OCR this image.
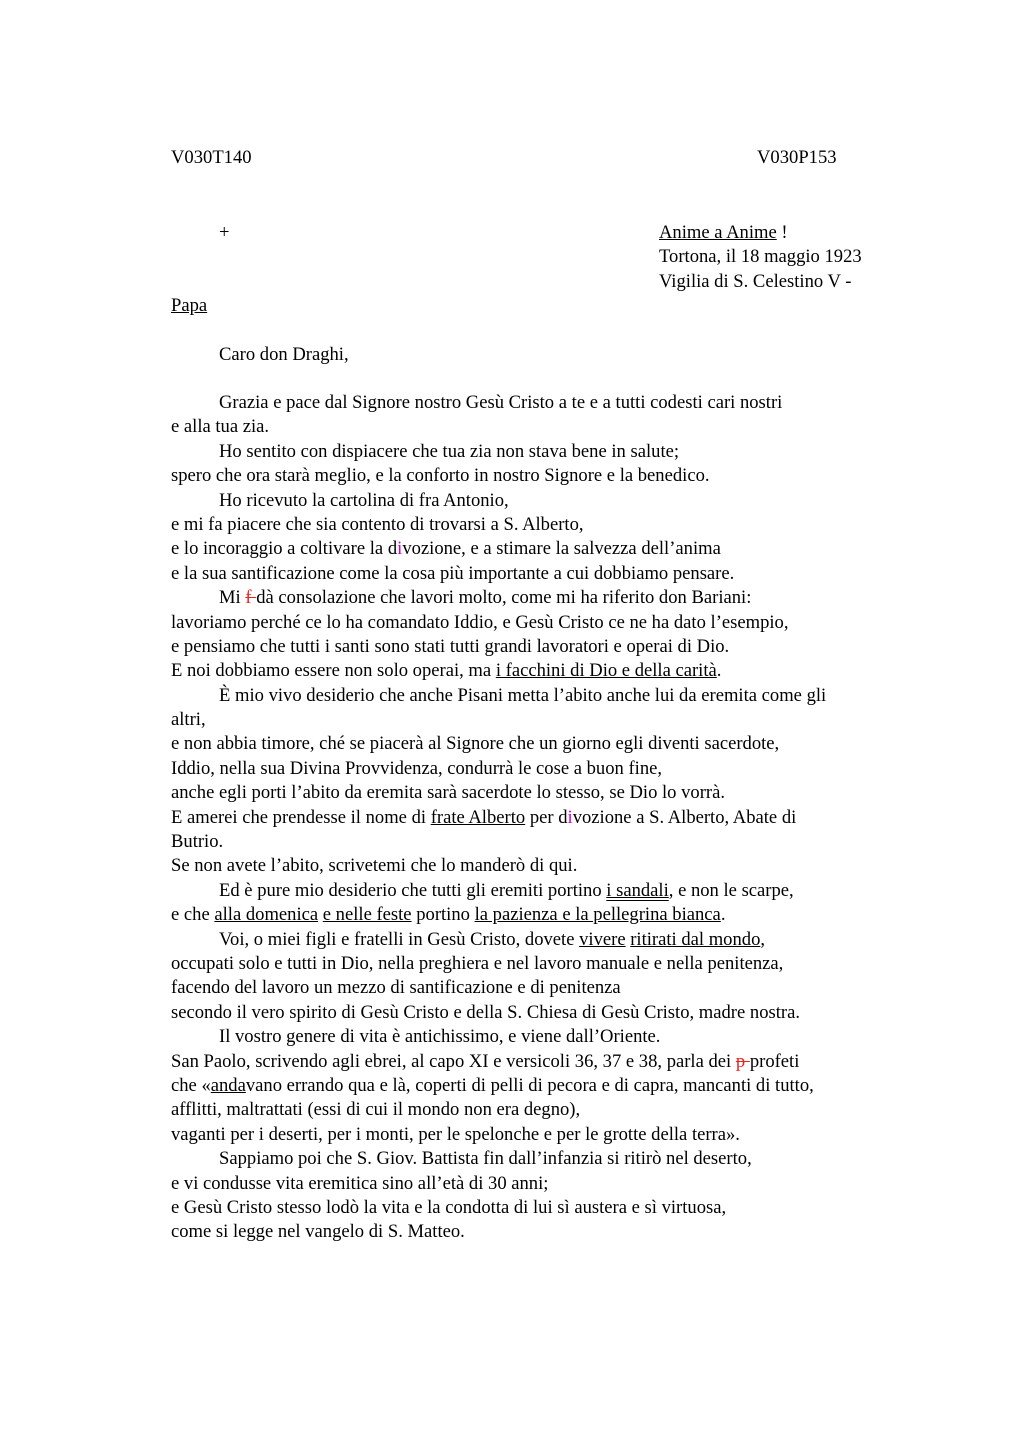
V030T140	V030P153
+	Anime a Anime !
Tortona, il 18 maggio 1923
Vigilia di S. Celestino V -
Papa
Caro don Draghi,
Grazia e pace dal Signore nostro Gesù Cristo a te e a tutti codesti cari nostri
e alla tua zia.
Ho sentito con dispiacere che tua zia non stava bene in salute;
spero che ora starà meglio, e la conforto in nostro Signore e la benedico.
Ho ricevuto la cartolina di fra Antonio,
e mi fa piacere che sia contento di trovarsi a S. Alberto,
e lo incoraggio a coltivare la divozione, e a stimare la salvezza dell’anima
e la sua santificazione come la cosa più importante a cui dobbiamo pensare.
Mi f dà consolazione che lavori molto, come mi ha riferito don Bariani:
lavoriamo perché ce lo ha comandato Iddio, e Gesù Cristo ce ne ha dato l’esempio,
e pensiamo che tutti i santi sono stati tutti grandi lavoratori e operai di Dio.
E noi dobbiamo essere non solo operai, ma i facchini di Dio e della carità.
È mio vivo desiderio che anche Pisani metta l’abito anche lui da eremita come gli
altri,
e non abbia timore, ché se piacerà al Signore che un giorno egli diventi sacerdote,
Iddio, nella sua Divina Provvidenza, condurrà le cose a buon fine,
anche egli porti l’abito da eremita sarà sacerdote lo stesso, se Dio lo vorrà.
E amerei che prendesse il nome di frate Alberto per divozione a S. Alberto, Abate di
Butrio.
Se non avete l’abito, scrivetemi che lo manderò di qui.
Ed è pure mio desiderio che tutti gli eremiti portino i sandali, e non le scarpe,
e che alla domenica e nelle feste portino la pazienza e la pellegrina bianca.
Voi, o miei figli e fratelli in Gesù Cristo, dovete vivere ritirati dal mondo,
occupati solo e tutti in Dio, nella preghiera e nel lavoro manuale e nella penitenza,
facendo del lavoro un mezzo di santificazione e di penitenza
secondo il vero spirito di Gesù Cristo e della S. Chiesa di Gesù Cristo, madre nostra.
Il vostro genere di vita è antichissimo, e viene dall’Oriente.
San Paolo, scrivendo agli ebrei, al capo XI e versicoli 36, 37 e 38, parla dei p profeti
che «andavano errando qua e là, coperti di pelli di pecora e di capra, mancanti di tutto,
afflitti, maltrattati (essi di cui il mondo non era degno),
vaganti per i deserti, per i monti, per le spelonche e per le grotte della terra».
Sappiamo poi che S. Giov. Battista fin dall’infanzia si ritirò nel deserto,
e vi condusse vita eremitica sino all’età di 30 anni;
e Gesù Cristo stesso lodò la vita e la condotta di lui sì austera e sì virtuosa,
come si legge nel vangelo di S. Matteo.
